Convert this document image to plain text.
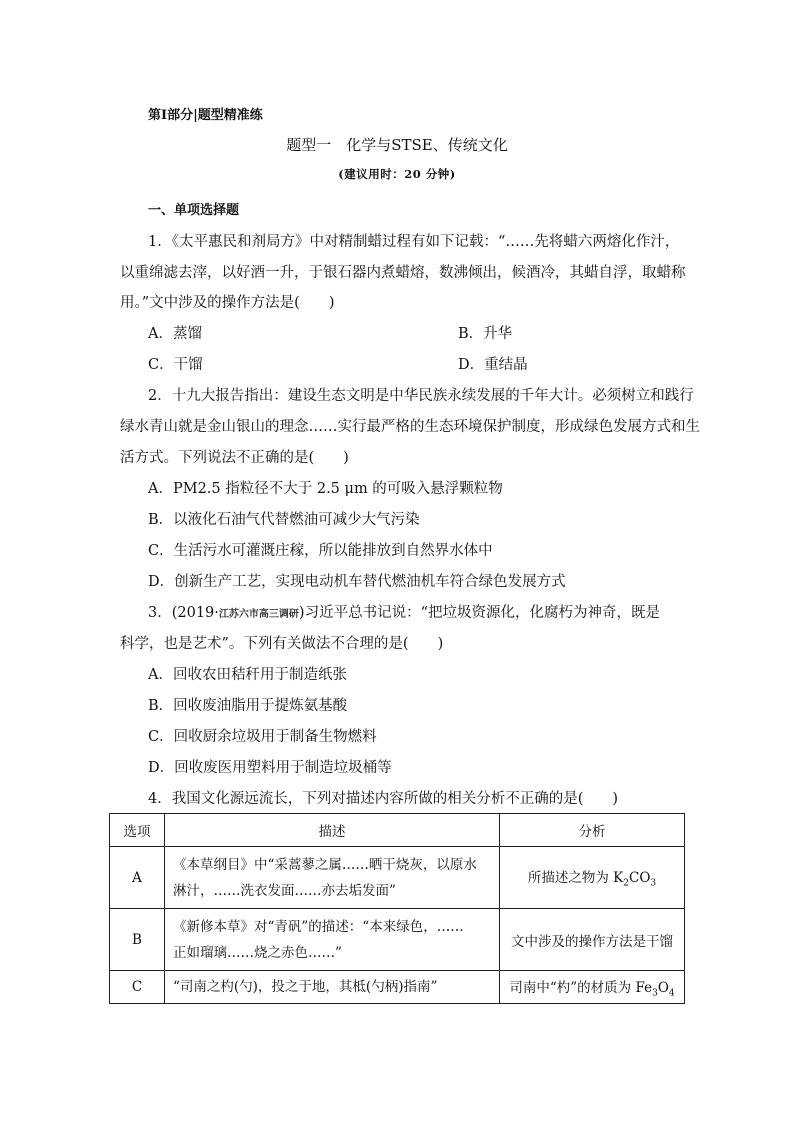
第Ⅰ部分|题型精准练
题型一　化学与STSE、传统文化
(建议用时：20 分钟)
一、单项选择题
1．《太平惠民和剂局方》中对精制蜡过程有如下记载：“……先将蜡六两熔化作汁，
以重绵滤去滓，以好酒一升，于银石器内煮蜡熔，数沸倾出，候酒冷，其蜡自浮，取蜡称
用。”文中涉及的操作方法是(　　)
A．蒸馏	B．升华
C．干馏	D．重结晶
2．十九大报告指出：建设生态文明是中华民族永续发展的千年大计。必须树立和践行
绿水青山就是金山银山的理念……实行最严格的生态环境保护制度，形成绿色发展方式和生
活方式。下列说法不正确的是(　　)
A．PM2.5 指粒径不大于 2.5 μm 的可吸入悬浮颗粒物
B．以液化石油气代替燃油可减少大气污染
C．生活污水可灌溉庄稼，所以能排放到自然界水体中
D．创新生产工艺，实现电动机车替代燃油机车符合绿色发展方式
3．(2019·江苏六市高三调研)习近平总书记说：“把垃圾资源化，化腐朽为神奇，既是
科学，也是艺术”。下列有关做法不合理的是(　　)
A．回收农田秸秆用于制造纸张
B．回收废油脂用于提炼氨基酸
C．回收厨余垃圾用于制备生物燃料
D．回收废医用塑料用于制造垃圾桶等
4．我国文化源远流长，下列对描述内容所做的相关分析不正确的是(　　)
选项	描述	分析
A	《本草纲目》中“采蒿蓼之属……晒干烧灰，以原水
淋汁，……洗衣发面……亦去垢发面”	所描述之物为 $K_2CO_3$
B	《新修本草》对“青矾”的描述：“本来绿色，……
正如瑠璃……烧之赤色……”	文中涉及的操作方法是干馏
C	“司南之杓(勺)，投之于地，其柢(勺柄)指南”	司南中“杓”的材质为 $Fe_3O_4$
